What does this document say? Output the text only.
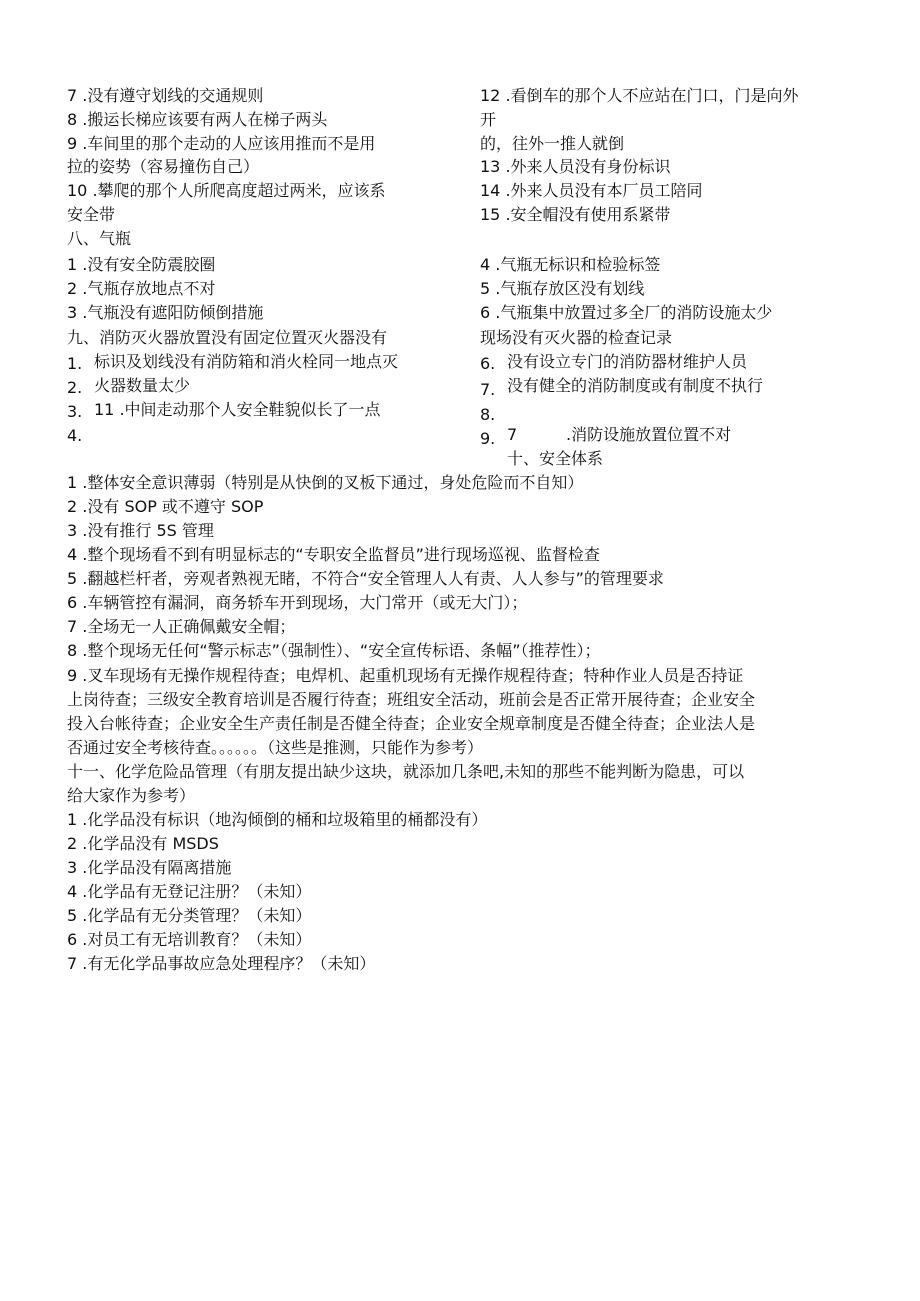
7 .没有遵守划线的交通规则
8 .搬运长梯应该要有两人在梯子两头
9 .车间里的那个走动的人应该用推而不是用
拉的姿势（容易撞伤自己）
10 .攀爬的那个人所爬高度超过两米，应该系
安全带
八、气瓶
1 .没有安全防震胶圈
2 .气瓶存放地点不对
3 .气瓶没有遮阳防倾倒措施
九、消防灭火器放置没有固定位置灭火器没有
1. 标识及划线没有消防箱和消火栓同一地点灭
2. 火器数量太少
3. 11 .中间走动那个人安全鞋貌似长了一点
4.
12 .看倒车的那个人不应站在门口，门是向外
开
的，往外一推人就倒
13 .外来人员没有身份标识
14 .外来人员没有本厂员工陪同
15 .安全帽没有使用系紧带
4 .气瓶无标识和检验标签
5 .气瓶存放区没有划线
6 .气瓶集中放置过多全厂的消防设施太少
现场没有灭火器的检查记录
6. 没有设立专门的消防器材维护人员
7. 没有健全的消防制度或有制度不执行
8.
9. 7	.消防设施放置位置不对
十、安全体系
1 .整体安全意识薄弱（特别是从快倒的叉板下通过，身处危险而不自知）
2 .没有 SOP 或不遵守 SOP
3 .没有推行 5S 管理
4 .整个现场看不到有明显标志的“专职安全监督员”进行现场巡视、监督检查
5 .翻越栏杆者，旁观者熟视无睹，不符合“安全管理人人有责、人人参与”的管理要求
6 .车辆管控有漏洞，商务轿车开到现场，大门常开（或无大门）；
7 .全场无一人正确佩戴安全帽；
8 .整个现场无任何“警示标志”（强制性）、“安全宣传标语、条幅”（推荐性）；
9 .叉车现场有无操作规程待查；电焊机、起重机现场有无操作规程待查；特种作业人员是否持证
上岗待查；三级安全教育培训是否履行待查；班组安全活动，班前会是否正常开展待查；企业安全
投入台帐待查；企业安全生产责任制是否健全待查；企业安全规章制度是否健全待查；企业法人是
否通过安全考核待查。。。。。。（这些是推测，只能作为参考）
十一、化学危险品管理（有朋友提出缺少这块，就添加几条吧,未知的那些不能判断为隐患，可以
给大家作为参考）
1 .化学品没有标识（地沟倾倒的桶和垃圾箱里的桶都没有）
2 .化学品没有 MSDS
3 .化学品没有隔离措施
4 .化学品有无登记注册？（未知）
5 .化学品有无分类管理？（未知）
6 .对员工有无培训教育？（未知）
7 .有无化学品事故应急处理程序？（未知）
